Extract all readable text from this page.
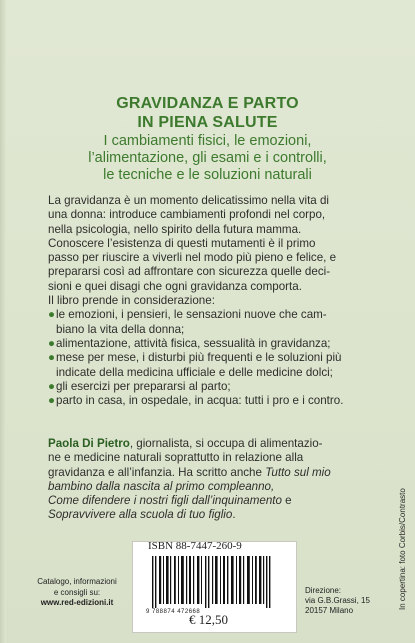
GRAVIDANZA E PARTO
IN PIENA SALUTE
I cambiamenti fisici, le emozioni,
l’alimentazione, gli esami e i controlli,
le tecniche e le soluzioni naturali

La gravidanza è un momento delicatissimo nella vita di

una donna: introduce cambiamenti profondi nel corpo,

nella psicologia, nello spirito della futura mamma.

Conoscere l’esistenza di questi mutamenti è il primo

passo per riuscire a viverli nel modo più pieno e felice, e

prepararsi così ad affrontare con sicurezza quelle deci-

sioni e quei disagi che ogni gravidanza comporta.

Il libro prende in considerazione:

● le emozioni, i pensieri, le sensazioni nuove che cam-
biano la vita della donna;
● alimentazione, attività fisica, sessualità in gravidanza;
● mese per mese, i disturbi più frequenti e le soluzioni più
indicate della medicina ufficiale e delle medicine dolci;
● gli esercizi per prepararsi al parto;
● parto in casa, in ospedale, in acqua: tutti i pro e i contro.
Paola Di Pietro, giornalista, si occupa di alimentazio-
ne e medicine naturali soprattutto in relazione alla
gravidanza e all’infanzia. Ha scritto anche Tutto sul mio bambino dalla nascita al primo compleanno,
Come difendere i nostri figli dall’inquinamento e
Sopravvivere alla scuola di tuo figlio.	In copertina: foto Corbis/Contrasto
ISBN 88-7447-260-9
9 788874 472668
€ 12,50
Catalogo, informazioni
e consigli su:
www.red-edizioni.it
Direzione:
via G.B.Grassi, 15
20157 Milano
